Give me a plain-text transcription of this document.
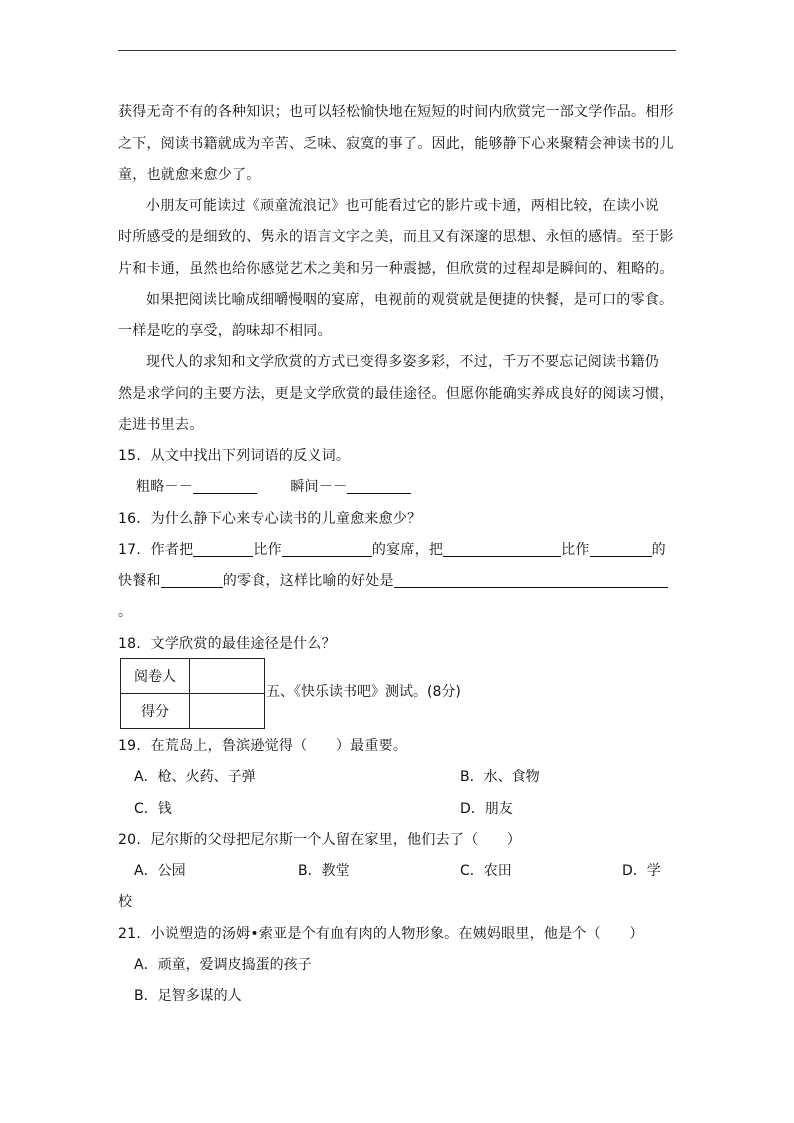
获得无奇不有的各种知识；也可以轻松愉快地在短短的时间内欣赏完一部文学作品。相形
之下，阅读书籍就成为辛苦、乏味、寂寞的事了。因此，能够静下心来聚精会神读书的儿
童，也就愈来愈少了。
小朋友可能读过《顽童流浪记》也可能看过它的影片或卡通，两相比较，在读小说
时所感受的是细致的、隽永的语言文字之美，而且又有深邃的思想、永恒的感情。至于影
片和卡通，虽然也给你感觉艺术之美和另一种震撼，但欣赏的过程却是瞬间的、粗略的。
如果把阅读比喻成细嚼慢咽的宴席，电视前的观赏就是便捷的快餐，是可口的零食。
一样是吃的享受，韵味却不相同。
现代人的求知和文学欣赏的方式已变得多姿多彩，不过，千万不要忘记阅读书籍仍
然是求学问的主要方法，更是文学欣赏的最佳途径。但愿你能确实养成良好的阅读习惯，
走进书里去。
15．从文中找出下列词语的反义词。
粗略－－	瞬间－－
16．为什么静下心来专心读书的儿童愈来愈少？
17．作者把	比作	的宴席，把	比作	的
快餐和	的零食，这样比喻的好处是
。
18．文学欣赏的最佳途径是什么？
阅卷人	
得分	
五、《快乐读书吧》测试。(8分)
19．在荒岛上，鲁滨逊觉得（　　）最重要。
A．枪、火药、子弹	B．水、食物
C．钱	D．朋友
20．尼尔斯的父母把尼尔斯一个人留在家里，他们去了（　　）
A．公园	B．教堂	C．农田	D．学
校
21．小说塑造的汤姆•索亚是个有血有肉的人物形象。在姨妈眼里，他是个（　　）
A．顽童，爱调皮捣蛋的孩子
B．足智多谋的人
